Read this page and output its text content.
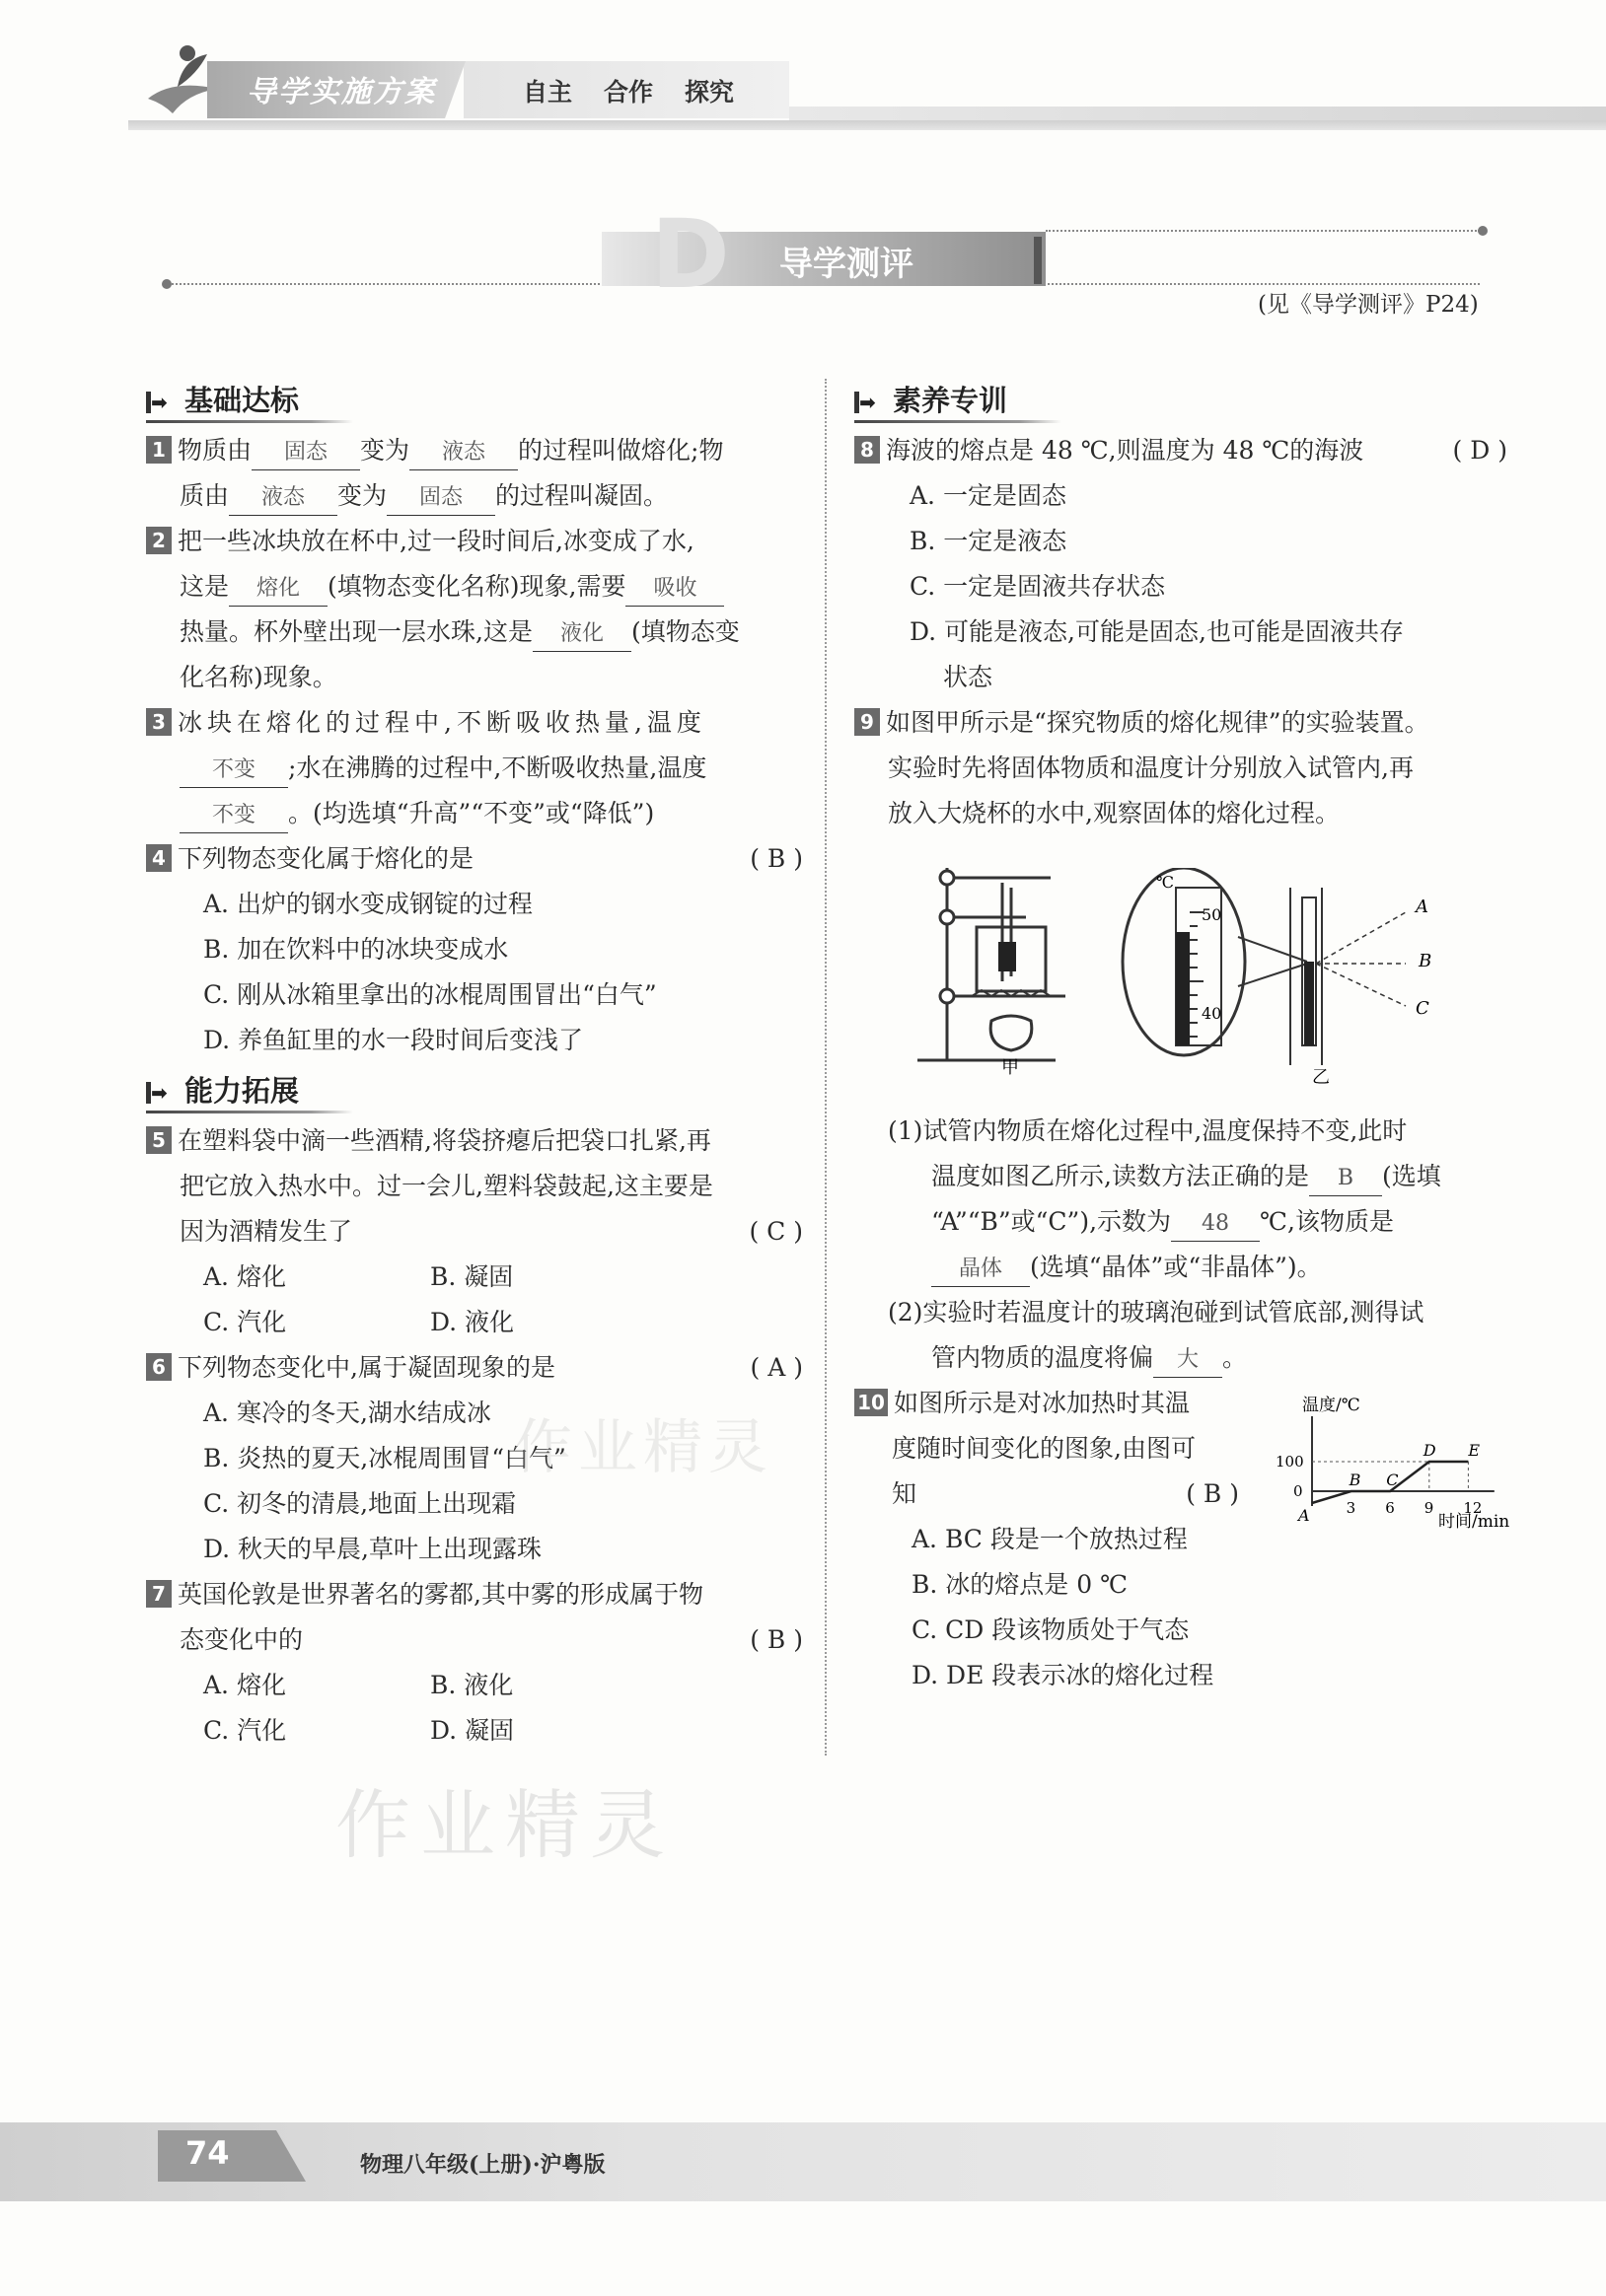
导学实施方案	自主 合作 探究
D 导学测评
(见《导学测评》P24)
➡ 基础达标
1 物质由 固态 变为 液态 的过程叫做熔化;物
质由 液态 变为 固态 的过程叫凝固。
2 把一些冰块放在杯中,过一段时间后,冰变成了水,
这是 熔化 (填物态变化名称)现象,需要 吸收
热量。杯外壁出现一层水珠,这是 液化 (填物态变
化名称)现象。
3 冰块在熔化的过程中,不断吸收热量,温度
不变 ;水在沸腾的过程中,不断吸收热量,温度
不变 。(均选填“升高”“不变”或“降低”)
4 下列物态变化属于熔化的是	( B )
A. 出炉的钢水变成钢锭的过程
B. 加在饮料中的冰块变成水
C. 刚从冰箱里拿出的冰棍周围冒出“白气”
D. 养鱼缸里的水一段时间后变浅了
➡ 能力拓展
5 在塑料袋中滴一些酒精,将袋挤瘪后把袋口扎紧,再
把它放入热水中。过一会儿,塑料袋鼓起,这主要是
因为酒精发生了	( C )
A. 熔化	B. 凝固
C. 汽化	D. 液化
6 下列物态变化中,属于凝固现象的是	( A )
A. 寒冷的冬天,湖水结成冰
B. 炎热的夏天,冰棍周围冒“白气”
C. 初冬的清晨,地面上出现霜
D. 秋天的早晨,草叶上出现露珠
7 英国伦敦是世界著名的雾都,其中雾的形成属于物
态变化中的	( B )
A. 熔化	B. 液化
C. 汽化	D. 凝固
➡ 素养专训
8 海波的熔点是 48 ℃,则温度为 48 ℃的海波	( D )
A. 一定是固态
B. 一定是液态
C. 一定是固液共存状态
D. 可能是液态,可能是固态,也可能是固液共存
状态
9 如图甲所示是“探究物质的熔化规律”的实验装置。
实验时先将固体物质和温度计分别放入试管内,再
放入大烧杯的水中,观察固体的熔化过程。
甲
℃
50
40
A
B
C
乙
(1)试管内物质在熔化过程中,温度保持不变,此时
温度如图乙所示,读数方法正确的是 B (选填
“A”“B”或“C”),示数为 48 ℃,该物质是
晶体 (选填“晶体”或“非晶体”)。
(2)实验时若温度计的玻璃泡碰到试管底部,测得试
管内物质的温度将偏 大 。
10 如图所示是对冰加热时其温
度随时间变化的图象,由图可
知	( B )
A. BC 段是一个放热过程
B. 冰的熔点是 0 ℃
C. CD 段该物质处于气态
D. DE 段表示冰的熔化过程
温度/℃
时间/min
3 6 9 12
100
0
A
B C
D E
74	物理八年级(上册)·沪粤版
作业精灵
作业精灵
